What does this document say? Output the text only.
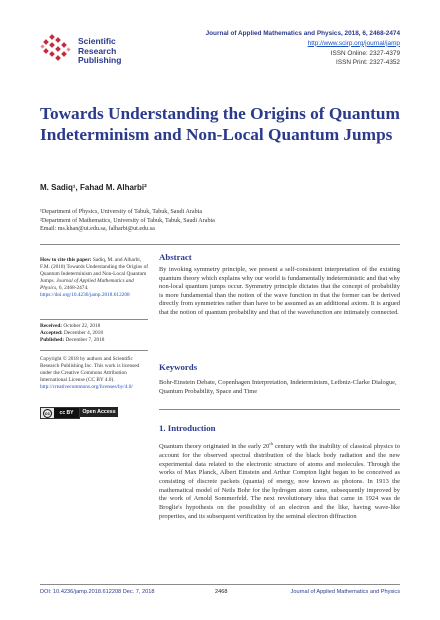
Scientific
Research
Publishing
Journal of Applied Mathematics and Physics, 2018, 6, 2468-2474
http://www.scirp.org/journal/jamp
ISSN Online: 2327-4379
ISSN Print: 2327-4352
Towards Understanding the Origins of Quantum Indeterminism and Non-Local Quantum Jumps
M. Sadiq¹, Fahad M. Alharbi²
¹Department of Physics, University of Tabuk, Tabuk, Saudi Arabia
²Department of Mathematics, University of Tabuk, Tabuk, Saudi Arabia
Email: ms.khan@ut.edu.sa, falharbi@ut.edu.sa
How to cite this paper: Sadiq, M. and Alharbi, F.M. (2018) Towards Understanding the Origins of Quantum Indeterminism and Non-Local Quantum Jumps. Journal of Applied Mathematics and Physics, 6, 2468-2474. https://doi.org/10.4236/jamp.2018.612208
Received: October 22, 2018
Accepted: December 4, 2018
Published: December 7, 2018
Copyright © 2018 by authors and Scientific Research Publishing Inc. This work is licensed under the Creative Commons Attribution International License (CC BY 4.0).
http://creativecommons.org/licenses/by/4.0/
cc	cc BY	Open Access
Abstract
By invoking symmetry principle, we present a self-consistent interpretation of the existing quantum theory which explains why our world is fundamentally indeterministic and that why non-local quantum jumps occur. Symmetry principle dictates that the concept of probability is more fundamental than the notion of the wave function in that the former can be derived directly from symmetries rather than have to be assumed as an additional axiom. It is argued that the notion of quantum probability and that of the wavefunction are intimately connected.
Keywords
Bohr-Einstein Debate, Copenhagen Interpretation, Indeterminism, Leibniz-Clarke Dialogue, Quantum Probability, Space and Time
1. Introduction
Quantum theory originated in the early 20th century with the inability of classical physics to account for the observed spectral distribution of the black body radiation and the new experimental data related to the electronic structure of atoms and molecules. Through the works of Max Planck, Albert Einstein and Arthur Compton light began to be conceived as consisting of discrete packets (quanta) of energy, now known as photons. In 1913 the mathematical model of Neils Bohr for the hydrogen atom came, subsequently improved by the work of Arnold Sommerfeld. The next revolutionary idea that came in 1924 was de Broglie's hypothesis on the possibility of an electron and the like, having wave-like properties, and its subsequent verification by the seminal electron diffraction
DOI: 10.4236/jamp.2018.612208 Dec. 7, 2018	2468	Journal of Applied Mathematics and Physics
